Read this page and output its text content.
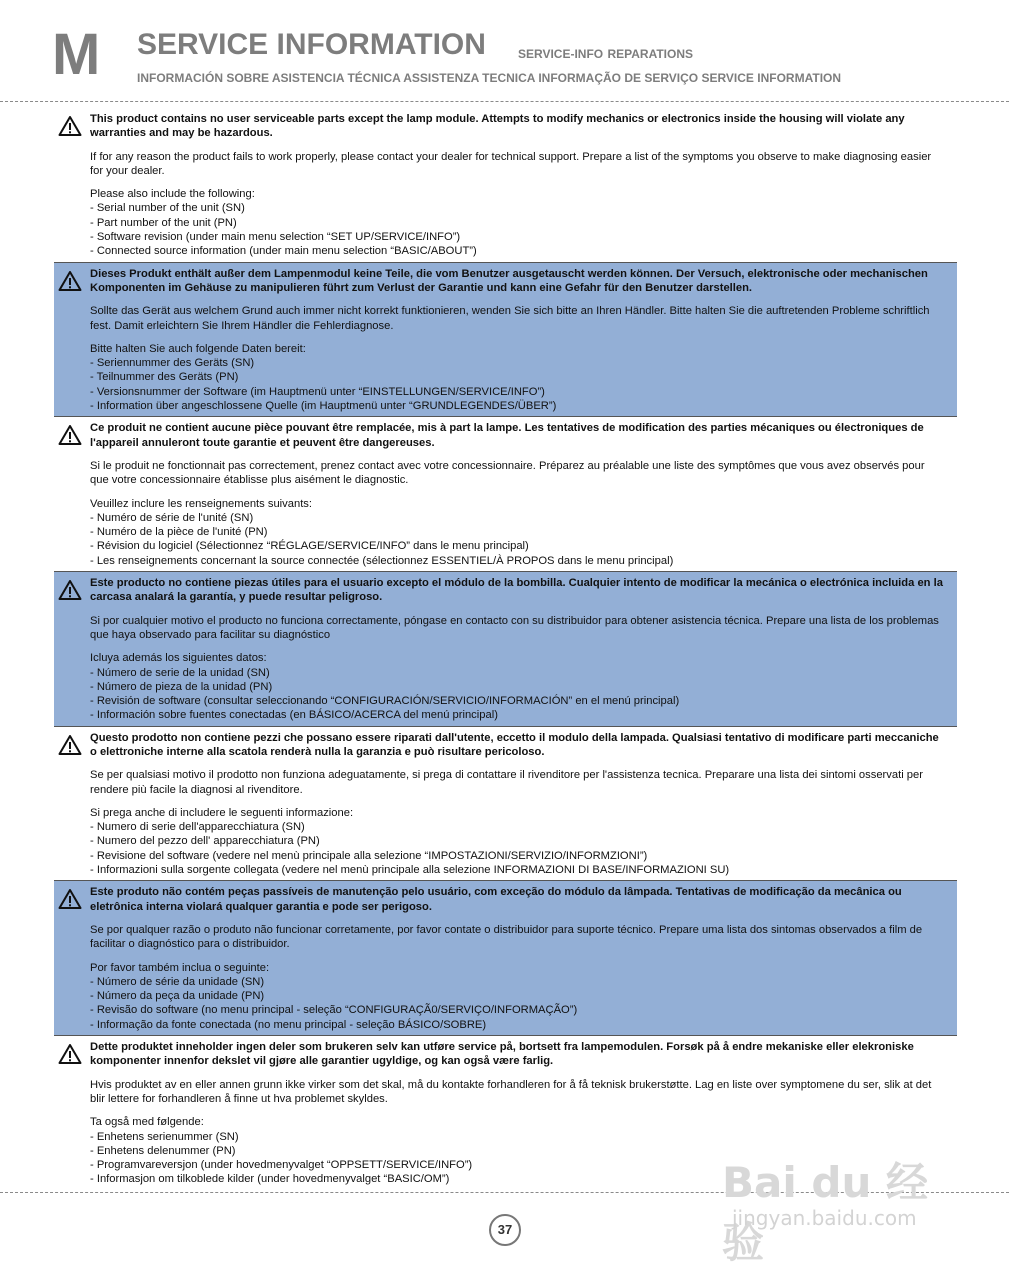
M SERVICE INFORMATION	SERVICE-INFO REPARATIONS
INFORMACIÓN SOBRE ASISTENCIA TÉCNICA ASSISTENZA TECNICA INFORMAÇÃO DE SERVIÇO SERVICE INFORMATION
This product contains no user serviceable parts except the lamp module. Attempts to modify mechanics or electronics inside the housing will violate any warranties and may be hazardous.
If for any reason the product fails to work properly, please contact your dealer for technical support. Prepare a list of the symptoms you observe to make diagnosing easier for your dealer.
Please also include the following:
- Serial number of the unit (SN)
- Part number of the unit (PN)
- Software revision (under main menu selection “SET UP/SERVICE/INFO”)
- Connected source information (under main menu selection “BASIC/ABOUT”)
Dieses Produkt enthält außer dem Lampenmodul keine Teile, die vom Benutzer ausgetauscht werden können. Der Versuch, elektronische oder mechanischen Komponenten im Gehäuse zu manipulieren führt zum Verlust der Garantie und kann eine Gefahr für den Benutzer darstellen.
Sollte das Gerät aus welchem Grund auch immer nicht korrekt funktionieren, wenden Sie sich bitte an Ihren Händler. Bitte halten Sie die auftretenden Probleme schriftlich fest. Damit erleichtern Sie Ihrem Händler die Fehlerdiagnose.
Bitte halten Sie auch folgende Daten bereit:
- Seriennummer des Geräts (SN)
- Teilnummer des Geräts (PN)
- Versionsnummer der Software (im Hauptmenü unter “EINSTELLUNGEN/SERVICE/INFO”)
- Information über angeschlossene Quelle (im Hauptmenü unter “GRUNDLEGENDES/ÜBER”)
Ce produit ne contient aucune pièce pouvant être remplacée, mis à part la lampe. Les tentatives de modification des parties mécaniques ou électroniques de l'appareil annuleront toute garantie et peuvent être dangereuses.
Si le produit ne fonctionnait pas correctement, prenez contact avec votre concessionnaire. Préparez au préalable une liste des symptômes que vous avez observés pour que votre concessionnaire établisse plus aisément le diagnostic.
Veuillez inclure les renseignements suivants:
- Numéro de série de l'unité (SN)
- Numéro de la pièce de l'unité (PN)
- Révision du logiciel (Sélectionnez “RÉGLAGE/SERVICE/INFO” dans le menu principal)
- Les renseignements concernant la source connectée (sélectionnez ESSENTIEL/À PROPOS dans le menu principal)
Este producto no contiene piezas útiles para el usuario excepto el módulo de la bombilla. Cualquier intento de modificar la mecánica o electrónica incluida en la carcasa analará la garantía, y puede resultar peligroso.
Si por cualquier motivo el producto no funciona correctamente, póngase en contacto con su distribuidor para obtener asistencia técnica. Prepare una lista de los problemas que haya observado para facilitar su diagnóstico
Icluya además los siguientes datos:
- Número de serie de la unidad (SN)
- Número de pieza de la unidad (PN)
- Revisión de software (consultar seleccionando “CONFIGURACIÓN/SERVICIO/INFORMACIÓN” en el menú principal)
- Información sobre fuentes conectadas (en BÁSICO/ACERCA del menú principal)
Questo prodotto non contiene pezzi che possano essere riparati dall'utente, eccetto il modulo della lampada. Qualsiasi tentativo di modificare parti meccaniche o elettroniche interne alla scatola renderà nulla la garanzia e può risultare pericoloso.
Se per qualsiasi motivo il prodotto non funziona adeguatamente, si prega di contattare il rivenditore per l'assistenza tecnica. Preparare una lista dei sintomi osservati per rendere più facile la diagnosi al rivenditore.
Si prega anche di includere le seguenti informazione:
- Numero di serie dell'apparecchiatura (SN)
- Numero del pezzo dell' apparecchiatura (PN)
- Revisione del software (vedere nel menù principale alla selezione “IMPOSTAZIONI/SERVIZIO/INFORMZIONI”)
- Informazioni sulla sorgente collegata (vedere nel menù principale alla selezione INFORMAZIONI DI BASE/INFORMAZIONI SU)
Este produto não contém peças passíveis de manutenção pelo usuário, com exceção do módulo da lâmpada. Tentativas de modificação da mecânica ou eletrônica interna violará qualquer garantia e pode ser perigoso.
Se por qualquer razão o produto não funcionar corretamente, por favor contate o distribuidor para suporte técnico. Prepare uma lista dos sintomas observados a film de facilitar o diagnóstico para o distribuidor.
Por favor também inclua o seguinte:
- Número de série da unidade (SN)
- Número da peça da unidade (PN)
- Revisão do software (no menu principal - seleção “CONFIGURAÇÃ0/SERVIÇO/INFORMAÇÃO”)
- Informação da fonte conectada (no menu principal - seleção BÁSICO/SOBRE)
Dette produktet inneholder ingen deler som brukeren selv kan utføre service på, bortsett fra lampemodulen. Forsøk på å endre mekaniske eller elekroniske komponenter innenfor dekslet vil gjøre alle garantier ugyldige, og kan også være farlig.
Hvis produktet av en eller annen grunn ikke virker som det skal, må du kontakte forhandleren for å få teknisk brukerstøtte. Lag en liste over symptomene du ser, slik at det blir lettere for forhandleren å finne ut hva problemet skyldes.
Ta også med følgende:
- Enhetens serienummer (SN)
- Enhetens delenummer (PN)
- Programvareversjon (under hovedmenyvalget “OPPSETT/SERVICE/INFO”)
- Informasjon om tilkoblede kilder (under hovedmenyvalget “BASIC/OM”)	Bai du 经验
jingyan.baidu.com
37
